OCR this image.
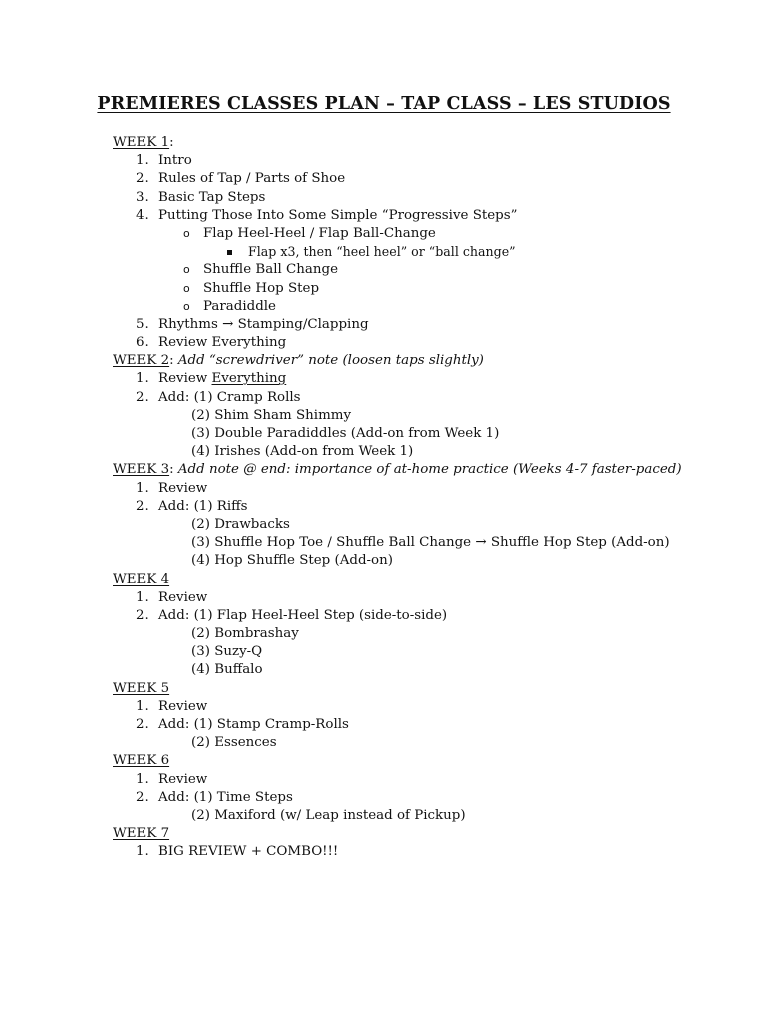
PREMIERES CLASSES PLAN – TAP CLASS – LES STUDIOS
WEEK 1:
1. Intro
2. Rules of Tap / Parts of Shoe
3. Basic Tap Steps
4. Putting Those Into Some Simple “Progressive Steps”
o Flap Heel-Heel / Flap Ball-Change
Flap x3, then “heel heel” or “ball change”
o Shuffle Ball Change
o Shuffle Hop Step
o Paradiddle
5. Rhythms → Stamping/Clapping
6. Review Everything
WEEK 2: Add “screwdriver” note (loosen taps slightly)
1. Review Everything
2. Add: (1) Cramp Rolls
(2) Shim Sham Shimmy
(3) Double Paradiddles (Add-on from Week 1)
(4) Irishes (Add-on from Week 1)
WEEK 3: Add note @ end: importance of at-home practice (Weeks 4-7 faster-paced)
1. Review
2. Add: (1) Riffs
(2) Drawbacks
(3) Shuffle Hop Toe / Shuffle Ball Change → Shuffle Hop Step (Add-on)
(4) Hop Shuffle Step (Add-on)
WEEK 4
1. Review
2. Add: (1) Flap Heel-Heel Step (side-to-side)
(2) Bombrashay
(3) Suzy-Q
(4) Buffalo
WEEK 5
1. Review
2. Add: (1) Stamp Cramp-Rolls
(2) Essences
WEEK 6
1. Review
2. Add: (1) Time Steps
(2) Maxiford (w/ Leap instead of Pickup)
WEEK 7
1. BIG REVIEW + COMBO!!!
